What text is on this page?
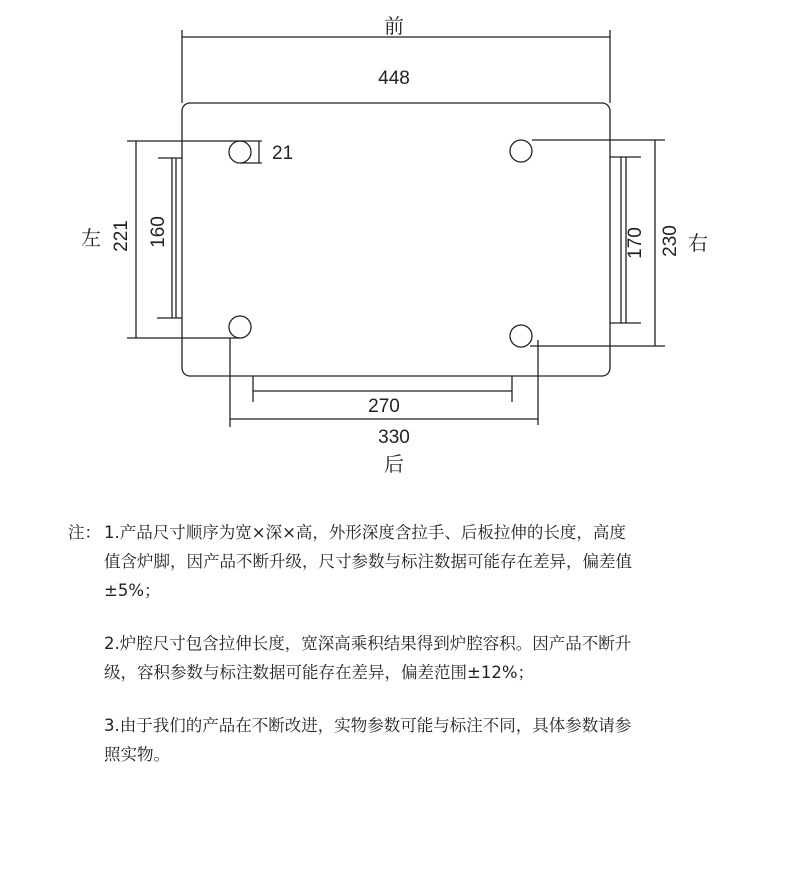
前
448
21
221 160
左	170 230 右
270
330
后
注： 1.产品尺寸顺序为宽×深×高，外形深度含拉手、后板拉伸的长度，高度
值含炉脚，因产品不断升级，尺寸参数与标注数据可能存在差异，偏差值
±5%；
2.炉腔尺寸包含拉伸长度，宽深高乘积结果得到炉腔容积。因产品不断升
级，容积参数与标注数据可能存在差异，偏差范围±12%；
3.由于我们的产品在不断改进，实物参数可能与标注不同，具体参数请参
照实物。
